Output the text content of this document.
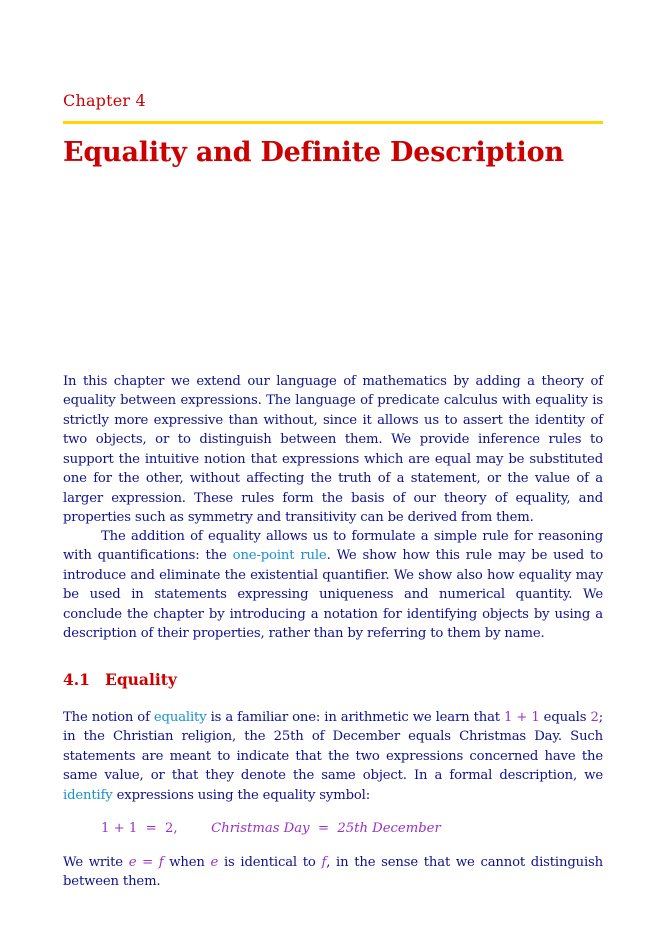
Chapter 4
Equality and Definite Description

In this chapter we extend our language of mathematics by adding a theory of equality between expressions. The language of predicate calculus with equality is strictly more expressive than without, since it allows us to assert the identity of two objects, or to distinguish between them. We provide inference rules to support the intuitive notion that expressions which are equal may be substituted one for the other, without affecting the truth of a statement, or the value of a larger expression. These rules form the basis of our theory of equality, and properties such as symmetry and transitivity can be derived from them.

The addition of equality allows us to formulate a simple rule for reasoning with quantifications: the one-point rule. We show how this rule may be used to introduce and eliminate the existential quantifier. We show also how equality may be used in statements expressing uniqueness and numerical quantity. We conclude the chapter by introducing a notation for identifying objects by using a description of their properties, rather than by referring to them by name.

4.1 Equality

The notion of equality is a familiar one: in arithmetic we learn that 1 + 1 equals 2; in the Christian religion, the 25th of December equals Christmas Day. Such statements are meant to indicate that the two expressions concerned have the same value, or that they denote the same object. In a formal description, we identify expressions using the equality symbol:

1 + 1  =  2,	Christmas Day  =  25th December

We write e = f when e is identical to f, in the sense that we cannot distinguish between them.
